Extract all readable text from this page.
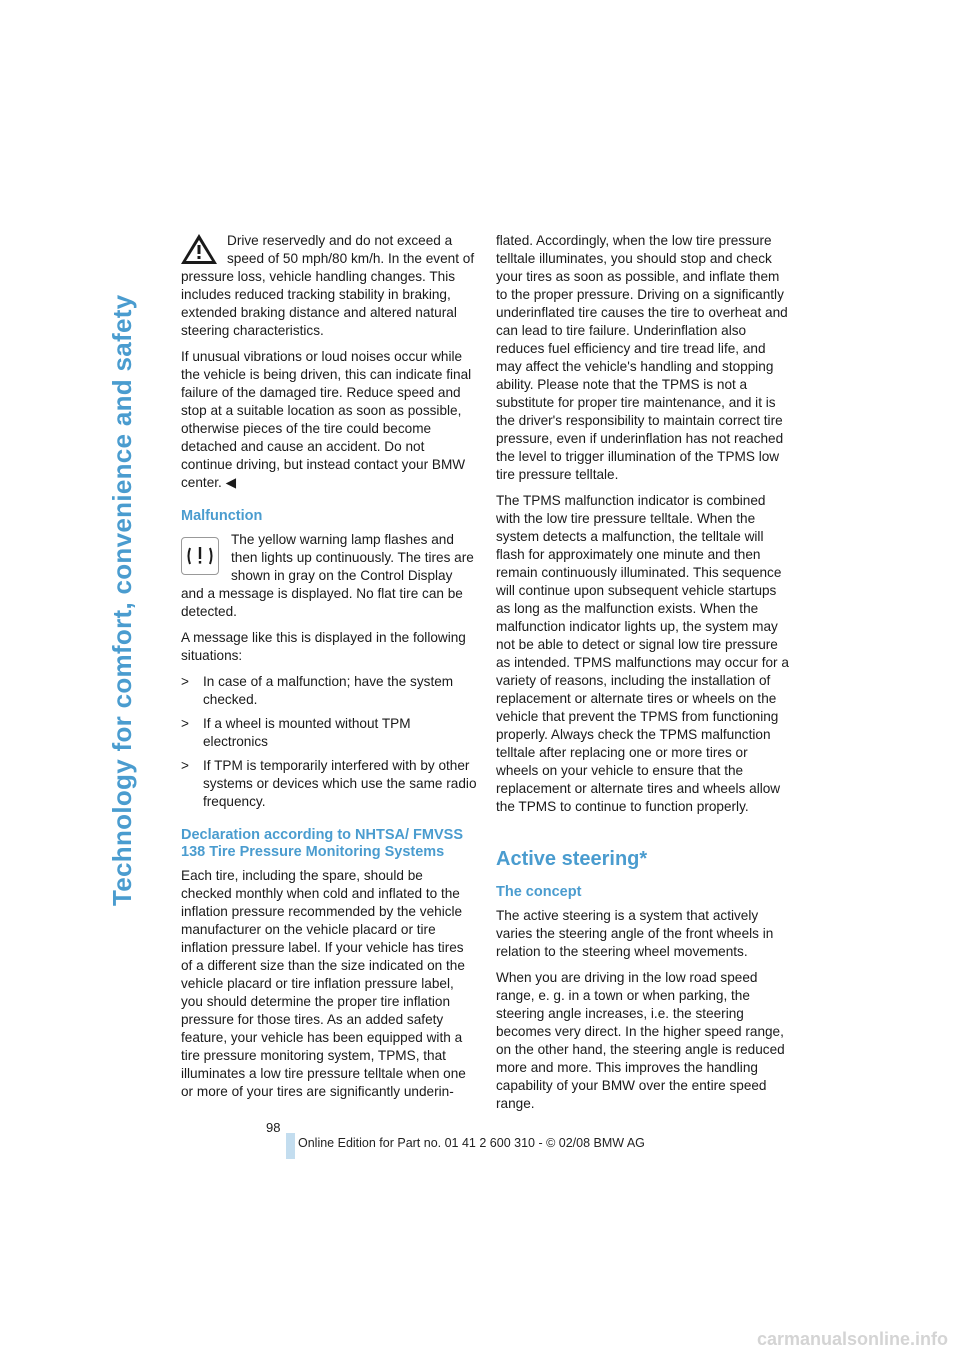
Technology for comfort, convenience and safety

Drive reservedly and do not exceed a speed of 50 mph/80 km/h. In the event of pressure loss, vehicle handling changes. This includes reduced tracking stability in braking, extended braking distance and altered natural steering characteristics.

If unusual vibrations or loud noises occur while the vehicle is being driven, this can indicate final failure of the damaged tire. Reduce speed and stop at a suitable location as soon as possible, otherwise pieces of the tire could become detached and cause an accident. Do not continue driving, but instead contact your BMW center. ◀

Malfunction

The yellow warning lamp flashes and then lights up continuously. The tires are shown in gray on the Control Display and a message is displayed. No flat tire can be detected.

A message like this is displayed in the following situations:

> In case of a malfunction; have the system checked.
> If a wheel is mounted without TPM electronics
> If TPM is temporarily interfered with by other systems or devices which use the same radio frequency.
Declaration according to NHTSA/ FMVSS 138 Tire Pressure Monitoring Systems

Each tire, including the spare, should be checked monthly when cold and inflated to the inflation pressure recommended by the vehicle manufacturer on the vehicle placard or tire inflation pressure label. If your vehicle has tires of a different size than the size indicated on the vehicle placard or tire inflation pressure label, you should determine the proper tire inflation pressure for those tires. As an added safety feature, your vehicle has been equipped with a tire pressure monitoring system, TPMS, that illuminates a low tire pressure telltale when one or more of your tires are significantly underin-

flated. Accordingly, when the low tire pressure telltale illuminates, you should stop and check your tires as soon as possible, and inflate them to the proper pressure. Driving on a significantly underinflated tire causes the tire to overheat and can lead to tire failure. Underinflation also reduces fuel efficiency and tire tread life, and may affect the vehicle's handling and stopping ability. Please note that the TPMS is not a substitute for proper tire maintenance, and it is the driver's responsibility to maintain correct tire pressure, even if underinflation has not reached the level to trigger illumination of the TPMS low tire pressure telltale.

The TPMS malfunction indicator is combined with the low tire pressure telltale. When the system detects a malfunction, the telltale will flash for approximately one minute and then remain continuously illuminated. This sequence will continue upon subsequent vehicle startups as long as the malfunction exists. When the malfunction indicator lights up, the system may not be able to detect or signal low tire pressure as intended. TPMS malfunctions may occur for a variety of reasons, including the installation of replacement or alternate tires or wheels on the vehicle that prevent the TPMS from functioning properly. Always check the TPMS malfunction telltale after replacing one or more tires or wheels on your vehicle to ensure that the replacement or alternate tires and wheels allow the TPMS to continue to function properly.

Active steering*
The concept

The active steering is a system that actively varies the steering angle of the front wheels in relation to the steering wheel movements.

When you are driving in the low road speed range, e. g. in a town or when parking, the steering angle increases, i.e. the steering becomes very direct. In the higher speed range, on the other hand, the steering angle is reduced more and more. This improves the handling capability of your BMW over the entire speed range.

98
Online Edition for Part no. 01 41 2 600 310 - © 02/08 BMW AG
carmanualsonline.info
